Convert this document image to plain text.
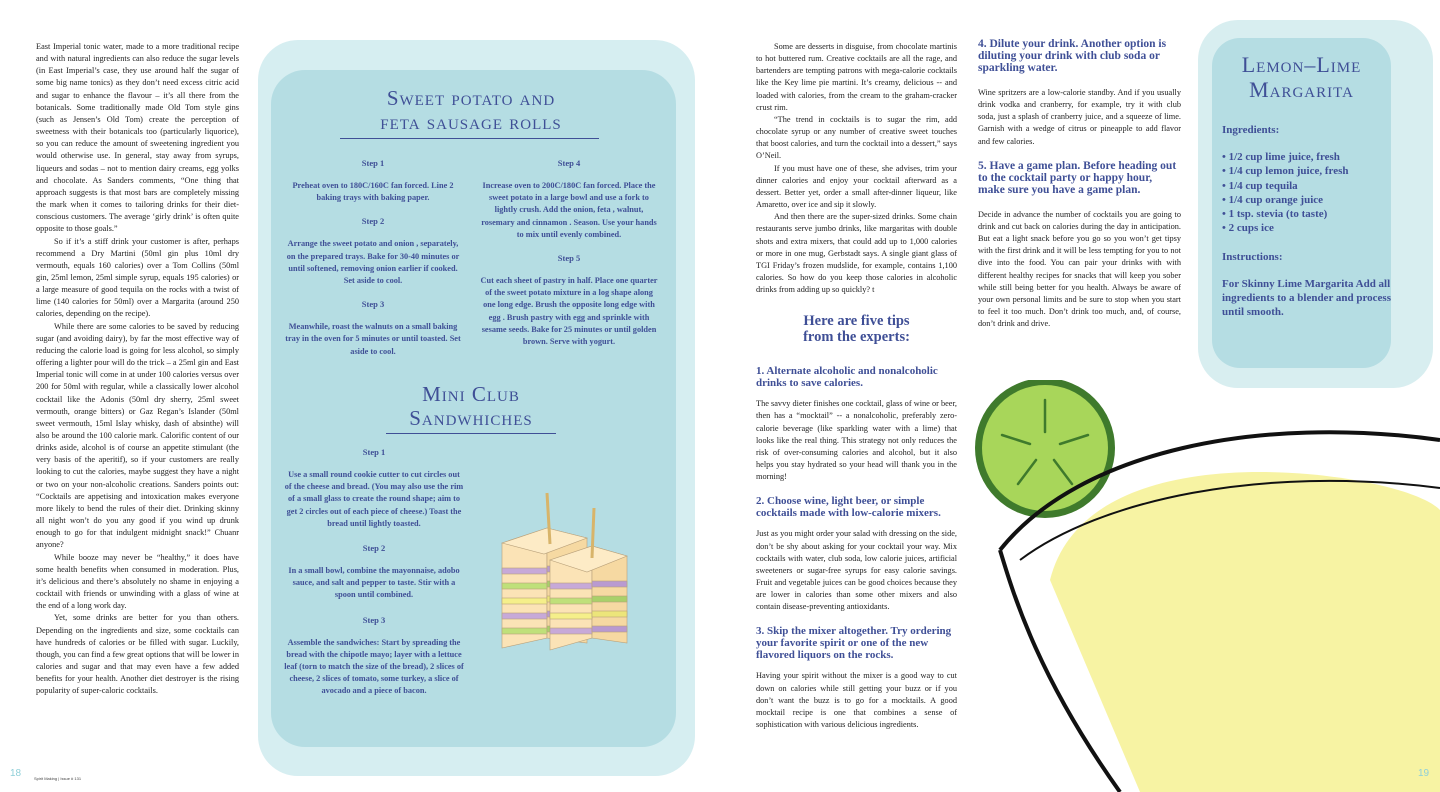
East Imperial tonic water, made to a more traditional recipe and with natural ingredients can also reduce the sugar levels (in East Imperial’s case, they use around half the sugar of some big name tonics) as they don’t need excess citric acid and sugar to enhance the flavour – it’s all there from the botanicals. Some traditionally made Old Tom style gins (such as Jensen’s Old Tom) create the perception of sweetness with their botanicals too (particularly liquorice), so you can reduce the amount of sweetening ingredient you would otherwise use. In general, stay away from syrups, liqueurs and sodas – not to mention dairy creams, egg yolks and chocolate. As Sanders comments, “One thing that approach suggests is that most bars are completely missing the mark when it comes to tailoring drinks for their diet-conscious customers. The average ‘girly drink’ is often quite opposite to those goals.”

So if it’s a stiff drink your customer is after, perhaps recommend a Dry Martini (50ml gin plus 10ml dry vermouth, equals 160 calories) over a Tom Collins (50ml gin, 25ml lemon, 25ml simple syrup, equals 195 calories) or a large measure of good tequila on the rocks with a twist of lime (140 calories for 50ml) over a Margarita (around 250 calories, depending on the recipe).

While there are some calories to be saved by reducing sugar (and avoiding dairy), by far the most effective way of reducing the calorie load is going for less alcohol, so simply offering a lighter pour will do the trick – a 25ml gin and East Imperial tonic will come in at under 100 calories versus over 200 for 50ml with regular, while a classically lower alcohol cocktail like the Adonis (50ml dry sherry, 25ml sweet vermouth, orange bitters) or Gaz Regan’s Islander (50ml sweet vermouth, 15ml Islay whisky, dash of absinthe) will also be around the 100 calorie mark. Calorific content of our drinks aside, alcohol is of course an appetite stimulant (the very basis of the aperitif), so if your customers are really looking to cut the calories, maybe suggest they have a night or two on your non-alcoholic creations. Sanders points out: “Cocktails are appetising and intoxication makes everyone more likely to bend the rules of their diet. Drinking skinny all night won’t do you any good if you wind up drunk enough to go for that indulgent midnight snack!” Chuanr anyone?

While booze may never be “healthy,” it does have some health benefits when consumed in moderation. Plus, it’s delicious and there’s absolutely no shame in enjoying a cocktail with friends or unwinding with a glass of wine at the end of a long work day.

Yet, some drinks are better for you than others. Depending on the ingredients and size, some cocktails can have hundreds of calories or be filled with sugar. Luckily, though, you can find a few great options that will be lower in calories and sugar and that may even have a few added benefits for your health. Another diet destroyer is the rising popularity of super-caloric cocktails.

Sweet potato and
feta sausage rolls
Step 1
Preheat oven to 180C/160C fan forced. Line 2 baking trays with baking paper.
Step 2
Arrange the sweet potato and onion , separately, on the prepared trays. Bake for 30-40 minutes or until softened, removing onion earlier if cooked. Set aside to cool.
Step 3
Meanwhile, roast the walnuts on a small baking tray in the oven for 5 minutes or until toasted. Set aside to cool.
Step 4
Increase oven to 200C/180C fan forced. Place the sweet potato in a large bowl and use a fork to lightly crush. Add the onion, feta , walnut, rosemary and cinnamon . Season. Use your hands to mix until evenly combined.
Step 5
Cut each sheet of pastry in half. Place one quarter of the sweet potato mixture in a log shape along one long edge. Brush the opposite long edge with egg . Brush pastry with egg and sprinkle with sesame seeds. Bake for 25 minutes or until golden brown. Serve with yogurt.
Mini Club
Sandwhiches
Step 1
Use a small round cookie cutter to cut circles out of the cheese and bread. (You may also use the rim of a small glass to create the round shape; aim to get 2 circles out of each piece of cheese.) Toast the bread until lightly toasted.
Step 2
In a small bowl, combine the mayonnaise, adobo sauce, and salt and pepper to taste. Stir with a spoon until combined.
Step 3
Assemble the sandwiches: Start by spreading the bread with the chipotle mayo; layer with a lettuce leaf (torn to match the size of the bread), 2 slices of cheese, 2 slices of tomato, some turkey, a slice of avocado and a piece of bacon.
18	Spirit Making | Issue # 131

Some are desserts in disguise, from chocolate martinis to hot buttered rum. Creative cocktails are all the rage, and bartenders are tempting patrons with mega-calorie cocktails like the Key lime pie martini. It’s creamy, delicious -- and loaded with calories, from the cream to the graham-cracker crust rim.

“The trend in cocktails is to sugar the rim, add chocolate syrup or any number of creative sweet touches that boost calories, and turn the cocktail into a dessert,” says O’Neil.

If you must have one of these, she advises, trim your dinner calories and enjoy your cocktail afterward as a dessert. Better yet, order a small after-dinner liqueur, like Amaretto, over ice and sip it slowly.

And then there are the super-sized drinks. Some chain restaurants serve jumbo drinks, like margaritas with double shots and extra mixers, that could add up to 1,000 calories or more in one mug, Gerbstadt says. A single giant glass of TGI Friday’s frozen mudslide, for example, contains 1,100 calories. So how do you keep those calories in alcoholic drinks from adding up so quickly? t

Here are five tips
from the experts:
1. Alternate alcoholic and nonalcoholic drinks to save calories.

The savvy dieter finishes one cocktail, glass of wine or beer, then has a “mocktail” -- a nonalcoholic, preferably zero-calorie beverage (like sparkling water with a lime) that looks like the real thing. This strategy not only reduces the risk of over-consuming calories and alcohol, but it also helps you stay hydrated so your head will thank you in the morning!

2. Choose wine, light beer, or simple cocktails made with low-calorie mixers.

Just as you might order your salad with dressing on the side, don’t be shy about asking for your cocktail your way. Mix cocktails with water, club soda, low calorie juices, artificial sweeteners or sugar-free syrups for easy calorie savings. Fruit and vegetable juices can be good choices because they are lower in calories than some other mixers and also contain disease-preventing antioxidants.

3. Skip the mixer altogether. Try ordering your favorite spirit or one of the new flavored liquors on the rocks.

Having your spirit without the mixer is a good way to cut down on calories while still getting your buzz or if you don’t want the buzz is to go for a mocktails. A good mocktail recipe is one that combines a sense of sophistication with various delicious ingredients.

4. Dilute your drink. Another option is diluting your drink with club soda or sparkling water.

Wine spritzers are a low-calorie standby. And if you usually drink vodka and cranberry, for example, try it with club soda, just a splash of cranberry juice, and a squeeze of lime. Garnish with a wedge of citrus or pineapple to add flavor and few calories.

5. Have a game plan. Before heading out to the cocktail party or happy hour, make sure you have a game plan.

Decide in advance the number of cocktails you are going to drink and cut back on calories during the day in anticipation. But eat a light snack before you go so you won’t get tipsy with the first drink and it will be less tempting for you to not dive into the food. You can pair your drinks with with different healthy recipes for snacks that will keep you sober while still being better for you health. Always be aware of your own personal limits and be sure to stop when you start to feel it too much. Don’t drink too much, and, of course, don’t drink and drive.

Lemon–Lime
Margarita
Ingredients:
• 1/2 cup lime juice, fresh
• 1/4 cup lemon juice, fresh
• 1/4 cup tequila
• 1/4 cup orange juice
• 1 tsp. stevia (to taste)
• 2 cups ice
Instructions:
For Skinny Lime Margarita Add all ingredients to a blender and process until smooth.
19
